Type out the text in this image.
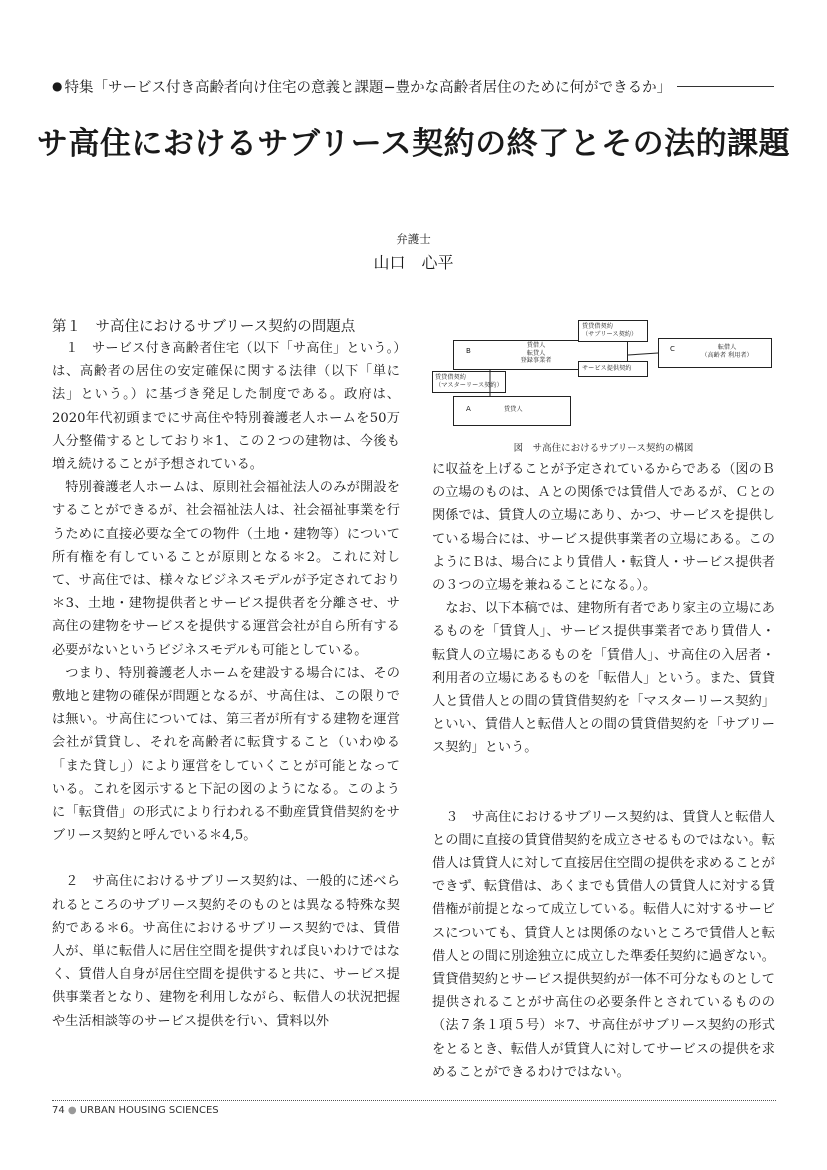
● 特集「サービス付き高齢者向け住宅の意義と課題−豊かな高齢者居住のために何ができるか」
サ高住におけるサブリース契約の終了とその法的課題
弁護士
山口　心平
第１　サ高住におけるサブリース契約の問題点

１　サービス付き高齢者住宅（以下「サ高住」という。）は、高齢者の居住の安定確保に関する法律（以下「単に法」という。）に基づき発足した制度である。政府は、2020年代初頭までにサ高住や特別養護老人ホームを50万人分整備するとしており＊1、この２つの建物は、今後も増え続けることが予想されている。

特別養護老人ホームは、原則社会福祉法人のみが開設をすることができるが、社会福祉法人は、社会福祉事業を行うために直接必要な全ての物件（土地・建物等）について所有権を有していることが原則となる＊2。これに対して、サ高住では、様々なビジネスモデルが予定されており＊3、土地・建物提供者とサービス提供者を分離させ、サ高住の建物をサービスを提供する運営会社が自ら所有する必要がないというビジネスモデルも可能としている。

つまり、特別養護老人ホームを建設する場合には、その敷地と建物の確保が問題となるが、サ高住は、この限りでは無い。サ高住については、第三者が所有する建物を運営会社が賃貸し、それを高齢者に転貸すること（いわゆる「また貸し」）により運営をしていくことが可能となっている。これを図示すると下記の図のようになる。このように「転貸借」の形式により行われる不動産賃貸借契約をサブリース契約と呼んでいる＊4,5。

２　サ高住におけるサブリース契約は、一般的に述べられるところのサブリース契約そのものとは異なる特殊な契約である＊6。サ高住におけるサブリース契約では、賃借人が、単に転借人に居住空間を提供すれば良いわけではなく、賃借人自身が居住空間を提供すると共に、サービス提供事業者となり、建物を利用しながら、転借人の状況把握や生活相談等のサービス提供を行い、賃料以外

B
賃借人
転貸人
登録事業者
賃貸借契約
（サブリース契約）
C	転借人
（高齢者 利用者）
サービス提供契約
賃貸借契約
（マスターリース契約）
A	賃貸人
図　サ高住におけるサブリース契約の構図

に収益を上げることが予定されているからである（図のＢの立場のものは、Ａとの関係では賃借人であるが、Ｃとの関係では、賃貸人の立場にあり、かつ、サービスを提供している場合には、サービス提供事業者の立場にある。このようにＢは、場合により賃借人・転貸人・サービス提供者の３つの立場を兼ねることになる。）。

なお、以下本稿では、建物所有者であり家主の立場にあるものを「賃貸人」、サービス提供事業者であり賃借人・転貸人の立場にあるものを「賃借人」、サ高住の入居者・利用者の立場にあるものを「転借人」という。また、賃貸人と賃借人との間の賃貸借契約を「マスターリース契約」といい、賃借人と転借人との間の賃貸借契約を「サブリース契約」という。

３　サ高住におけるサブリース契約は、賃貸人と転借人との間に直接の賃貸借契約を成立させるものではない。転借人は賃貸人に対して直接居住空間の提供を求めることができず、転貸借は、あくまでも賃借人の賃貸人に対する賃借権が前提となって成立している。転借人に対するサービスについても、賃貸人とは関係のないところで賃借人と転借人との間に別途独立に成立した準委任契約に過ぎない。賃貸借契約とサービス提供契約が一体不可分なものとして提供されることがサ高住の必要条件とされているものの（法７条１項５号）＊7、サ高住がサブリース契約の形式をとるとき、転借人が賃貸人に対してサービスの提供を求めることができるわけではない。

74 ● URBAN HOUSING SCIENCES
